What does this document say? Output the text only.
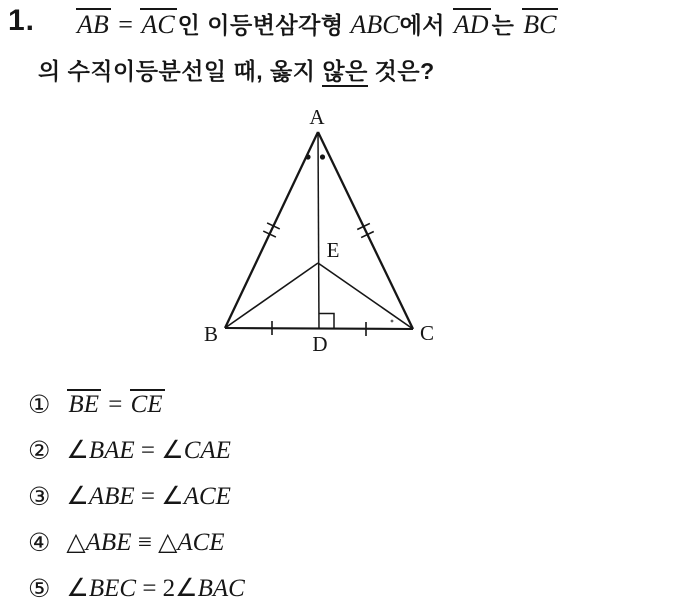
1. AB = AC 인 이등변삼각형 ABC에서 AD 는 BC
의 수직이등분선일 때, 옳지 않은 것은?
A
B	C
D
E
① BE = CE
② ∠BAE = ∠CAE
③ ∠ABE = ∠ACE
④ △ABE ≡ △ACE
⑤ ∠BEC = 2∠BAC
